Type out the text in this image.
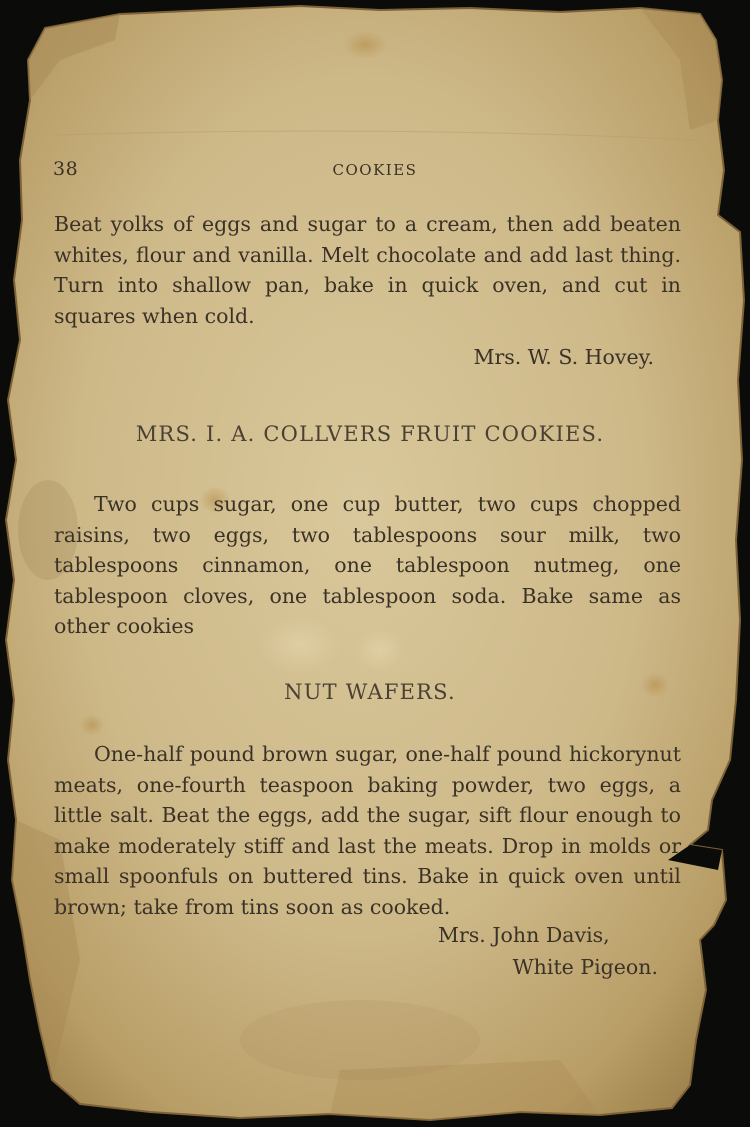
38	COOKIES
Beat yolks of eggs and sugar to a cream, then add beaten whites, flour and vanilla. Melt chocolate and add last thing. Turn into shallow pan, bake in quick oven, and cut in squares when cold.
Mrs. W. S. Hovey.
MRS. I. A. COLLVERS FRUIT COOKIES.
Two cups sugar, one cup butter, two cups chopped raisins, two eggs, two tablespoons sour milk, two tablespoons cinnamon, one tablespoon nutmeg, one tablespoon cloves, one tablespoon soda. Bake same as other cookies
NUT WAFERS.
One-half pound brown sugar, one-half pound hickorynut meats, one-fourth teaspoon baking powder, two eggs, a little salt. Beat the eggs, add the sugar, sift flour enough to make moderately stiff and last the meats. Drop in molds or small spoonfuls on buttered tins. Bake in quick oven until brown; take from tins soon as cooked.
Mrs. John Davis,
White Pigeon.
